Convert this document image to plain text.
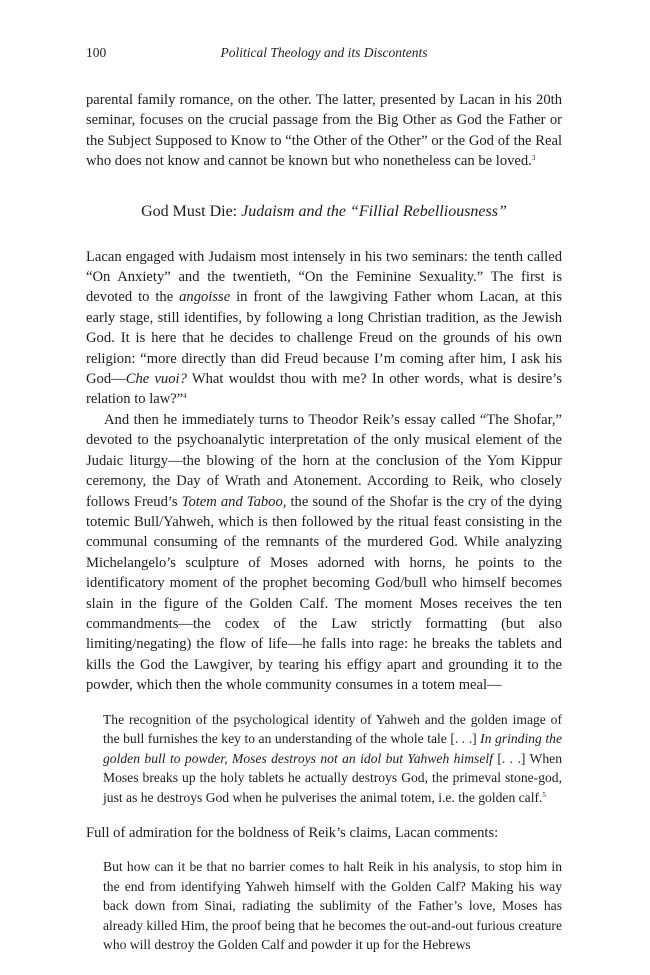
100	Political Theology and its Discontents

parental family romance, on the other. The latter, presented by Lacan in his 20th seminar, focuses on the crucial passage from the Big Other as God the Father or the Subject Supposed to Know to “the Other of the Other” or the God of the Real who does not know and cannot be known but who nonetheless can be loved.$^3$

God Must Die: Judaism and the “Fillial Rebelliousness”

Lacan engaged with Judaism most intensely in his two seminars: the tenth called “On Anxiety” and the twentieth, “On the Feminine Sexuality.” The first is devoted to the angoisse in front of the lawgiving Father whom Lacan, at this early stage, still identifies, by following a long Christian tradition, as the Jewish God. It is here that he decides to challenge Freud on the grounds of his own religion: “more directly than did Freud because I’m coming after him, I ask his God—Che vuoi? What wouldst thou with me? In other words, what is desire’s relation to law?”$^4$

And then he immediately turns to Theodor Reik’s essay called “The Shofar,” devoted to the psychoanalytic interpretation of the only musical element of the Judaic liturgy—the blowing of the horn at the conclusion of the Yom Kippur ceremony, the Day of Wrath and Atonement. According to Reik, who closely follows Freud’s Totem and Taboo, the sound of the Shofar is the cry of the dying totemic Bull/Yahweh, which is then followed by the ritual feast consisting in the communal consuming of the remnants of the murdered God. While analyzing Michelangelo’s sculpture of Moses adorned with horns, he points to the identificatory moment of the prophet becoming God/bull who himself becomes slain in the figure of the Golden Calf. The moment Moses receives the ten commandments—the codex of the Law strictly formatting (but also limiting/negating) the flow of life—he falls into rage: he breaks the tablets and kills the God the Lawgiver, by tearing his effigy apart and grounding it to the powder, which then the whole community consumes in a totem meal—

The recognition of the psychological identity of Yahweh and the golden image of the bull furnishes the key to an understanding of the whole tale [. . .] In grinding the golden bull to powder, Moses destroys not an idol but Yahweh himself [. . .] When Moses breaks up the holy tablets he actually destroys God, the primeval stone-god, just as he destroys God when he pulverises the animal totem, i.e. the golden calf.$^5$

Full of admiration for the boldness of Reik’s claims, Lacan comments:

But how can it be that no barrier comes to halt Reik in his analysis, to stop him in the end from identifying Yahweh himself with the Golden Calf? Making his way back down from Sinai, radiating the sublimity of the Father’s love, Moses has already killed Him, the proof being that he becomes the out-and-out furious creature who will destroy the Golden Calf and powder it up for the Hebrews
